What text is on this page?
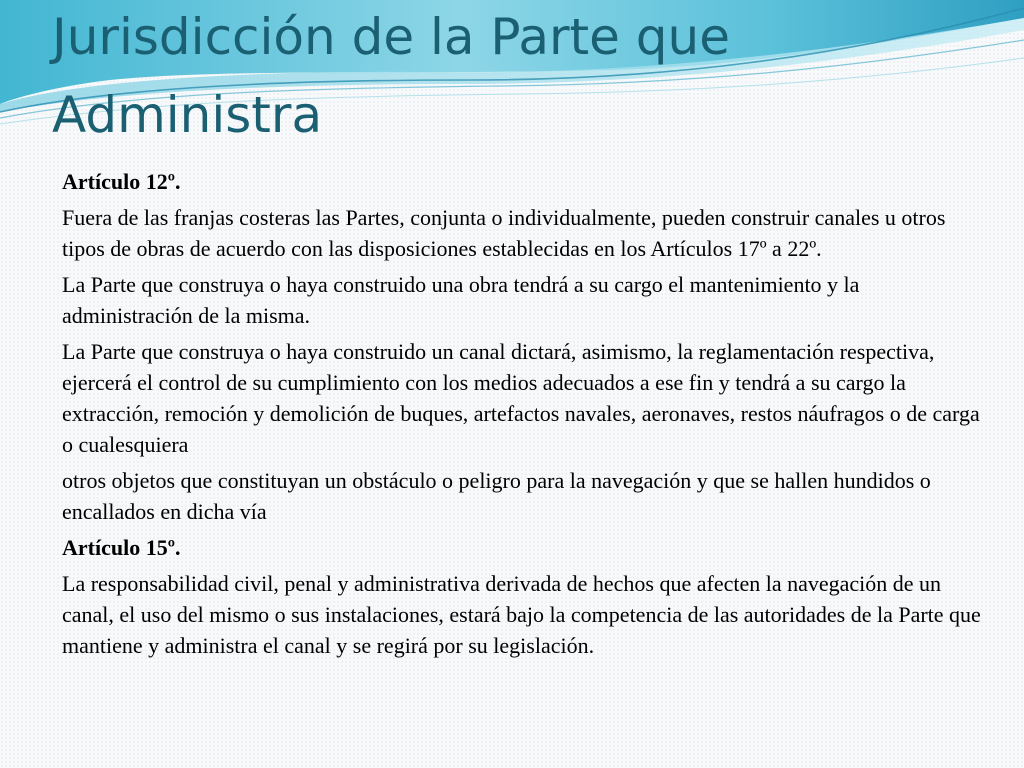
Jurisdicción de la Parte que Administra

Artículo 12º.

Fuera de las franjas costeras las Partes, conjunta o individualmente, pueden construir canales u otros tipos de obras de acuerdo con las disposiciones establecidas en los Artículos 17º a 22º.

La Parte que construya o haya construido una obra tendrá a su cargo el mantenimiento y la administración de la misma.

La Parte que construya o haya construido un canal dictará, asimismo, la reglamentación respectiva, ejercerá el control de su cumplimiento con los medios adecuados a ese fin y tendrá a su cargo la extracción, remoción y demolición de buques, artefactos navales, aeronaves, restos náufragos o de carga o cualesquiera

otros objetos que constituyan un obstáculo o peligro para la navegación y que se hallen hundidos o encallados en dicha vía

Artículo 15º.

La responsabilidad civil, penal y administrativa derivada de hechos que afecten la navegación de un canal, el uso del mismo o sus instalaciones, estará bajo la competencia de las autoridades de la Parte que mantiene y administra el canal y se regirá por su legislación.
